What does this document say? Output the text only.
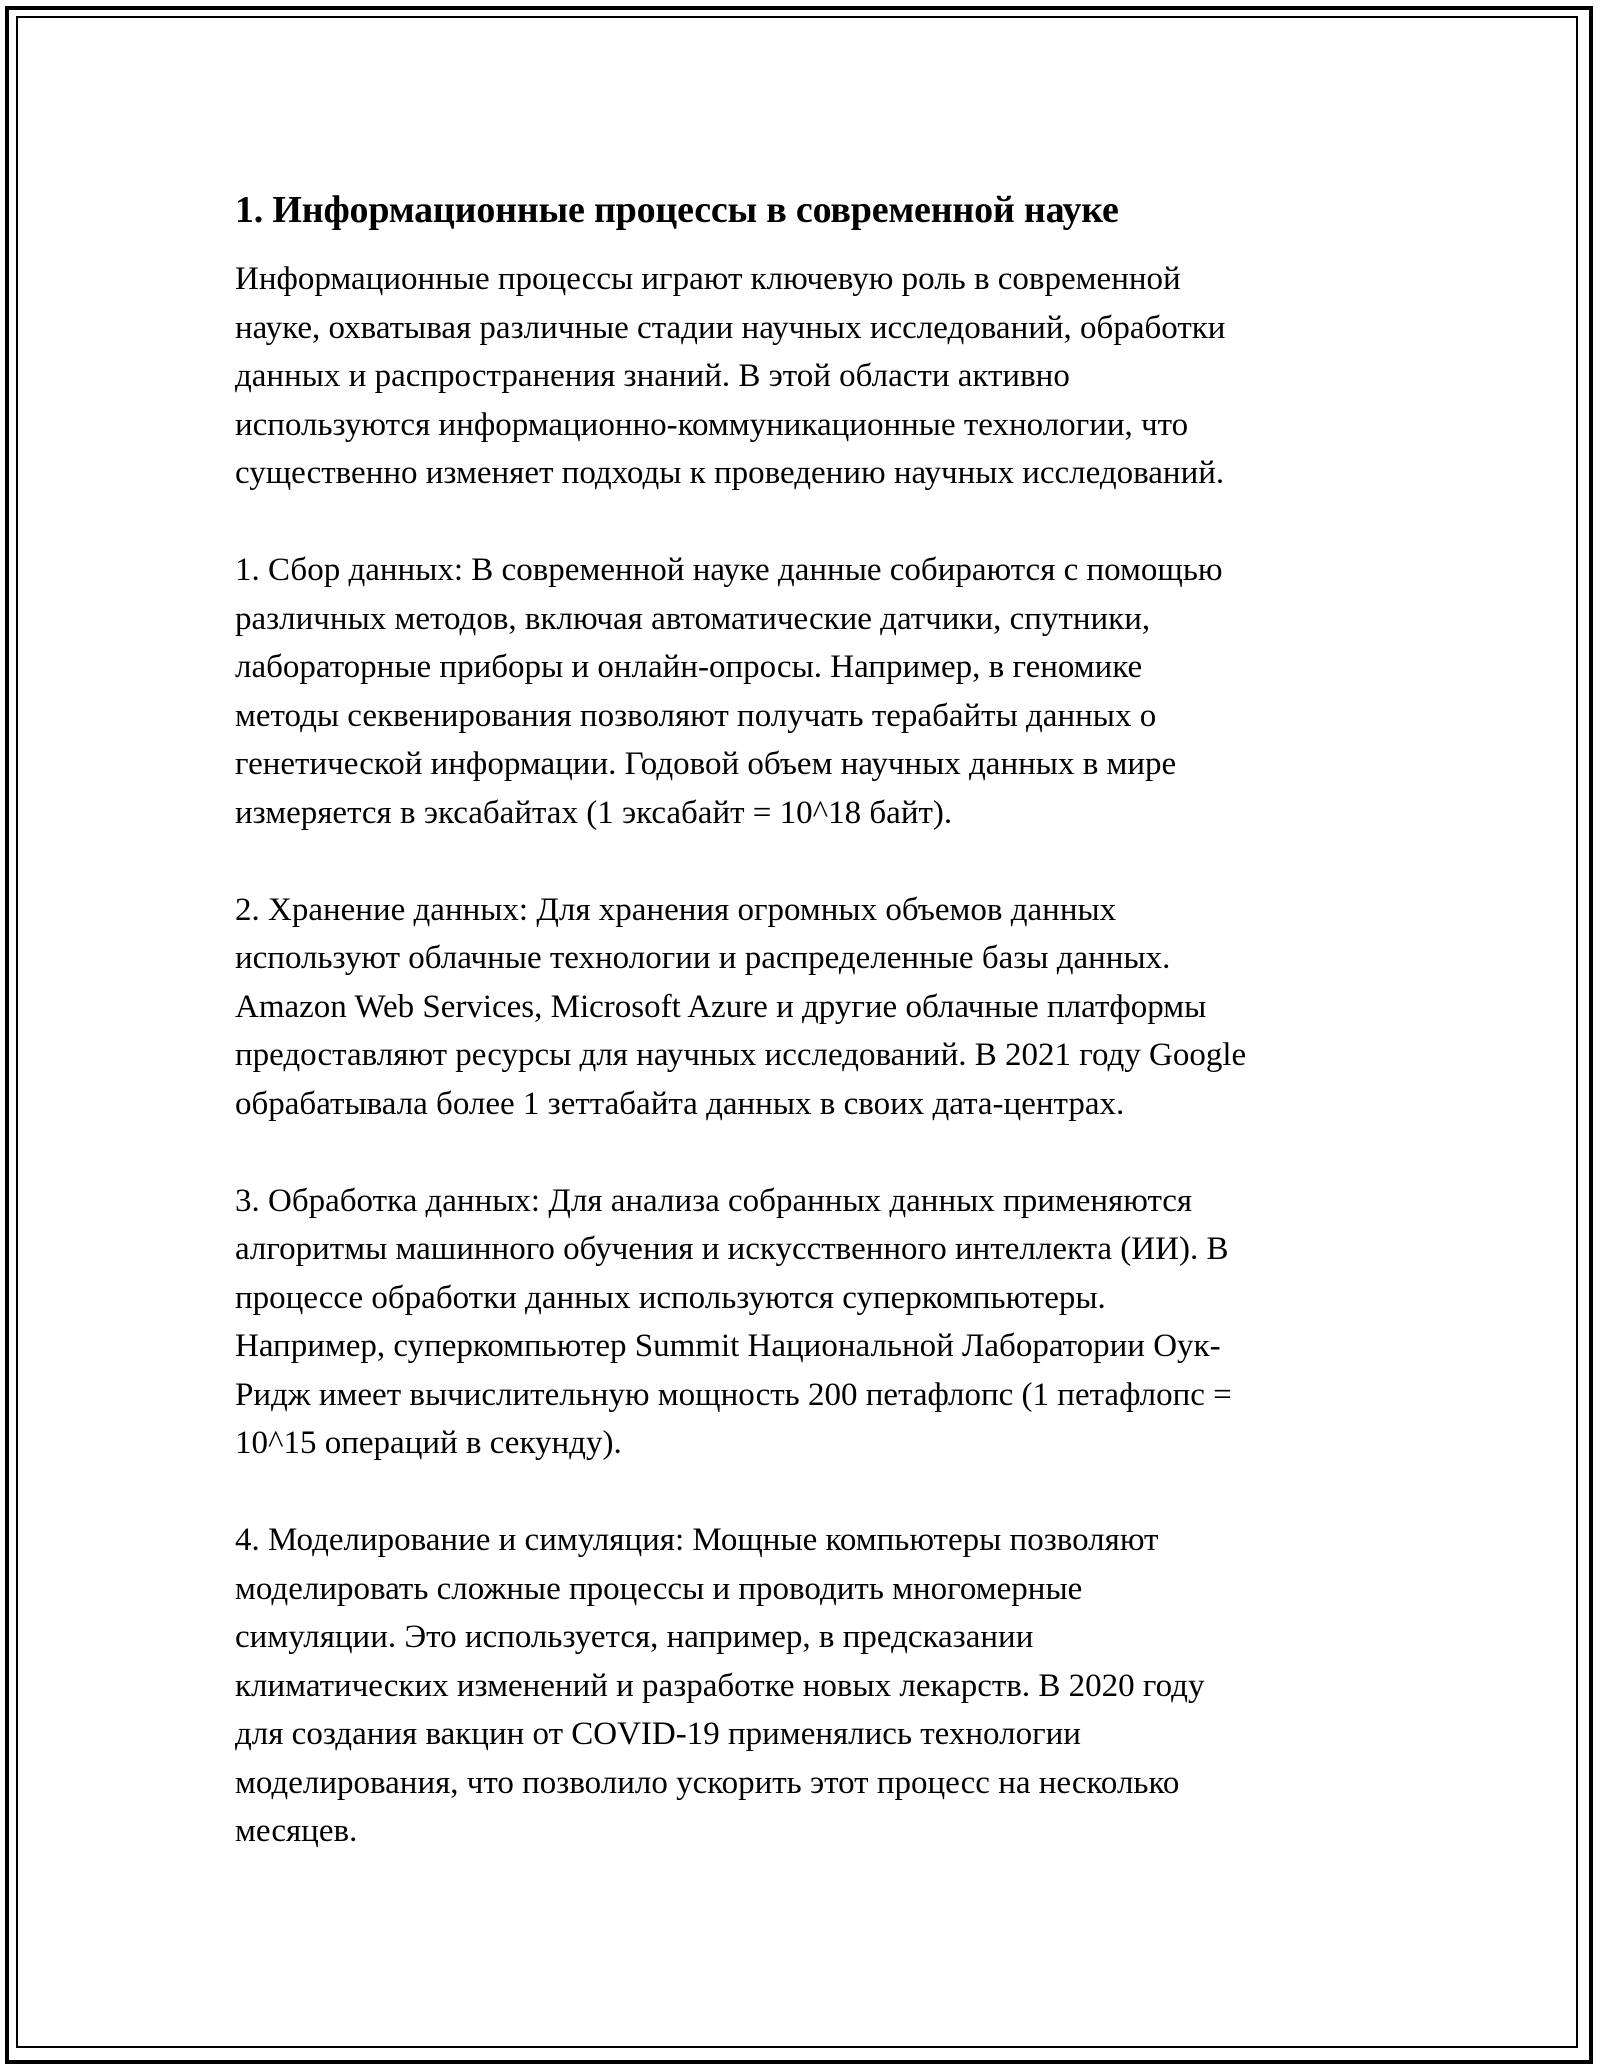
1. Информационные процессы в современной науке

Информационные процессы играют ключевую роль в современной
науке, охватывая различные стадии научных исследований, обработки
данных и распространения знаний. В этой области активно
используются информационно-коммуникационные технологии, что
существенно изменяет подходы к проведению научных исследований.

1. Сбор данных: В современной науке данные собираются с помощью
различных методов, включая автоматические датчики, спутники,
лабораторные приборы и онлайн-опросы. Например, в геномике
методы секвенирования позволяют получать терабайты данных о
генетической информации. Годовой объем научных данных в мире
измеряется в эксабайтах (1 эксабайт = 10^18 байт).

2. Хранение данных: Для хранения огромных объемов данных
используют облачные технологии и распределенные базы данных.
Amazon Web Services, Microsoft Azure и другие облачные платформы
предоставляют ресурсы для научных исследований. В 2021 году Google
обрабатывала более 1 зеттабайта данных в своих дата-центрах.

3. Обработка данных: Для анализа собранных данных применяются
алгоритмы машинного обучения и искусственного интеллекта (ИИ). В
процессе обработки данных используются суперкомпьютеры.
Например, суперкомпьютер Summit Национальной Лаборатории Оук-
Ридж имеет вычислительную мощность 200 петафлопс (1 петафлопс =
10^15 операций в секунду).

4. Моделирование и симуляция: Мощные компьютеры позволяют
моделировать сложные процессы и проводить многомерные
симуляции. Это используется, например, в предсказании
климатических изменений и разработке новых лекарств. В 2020 году
для создания вакцин от COVID-19 применялись технологии
моделирования, что позволило ускорить этот процесс на несколько
месяцев.
